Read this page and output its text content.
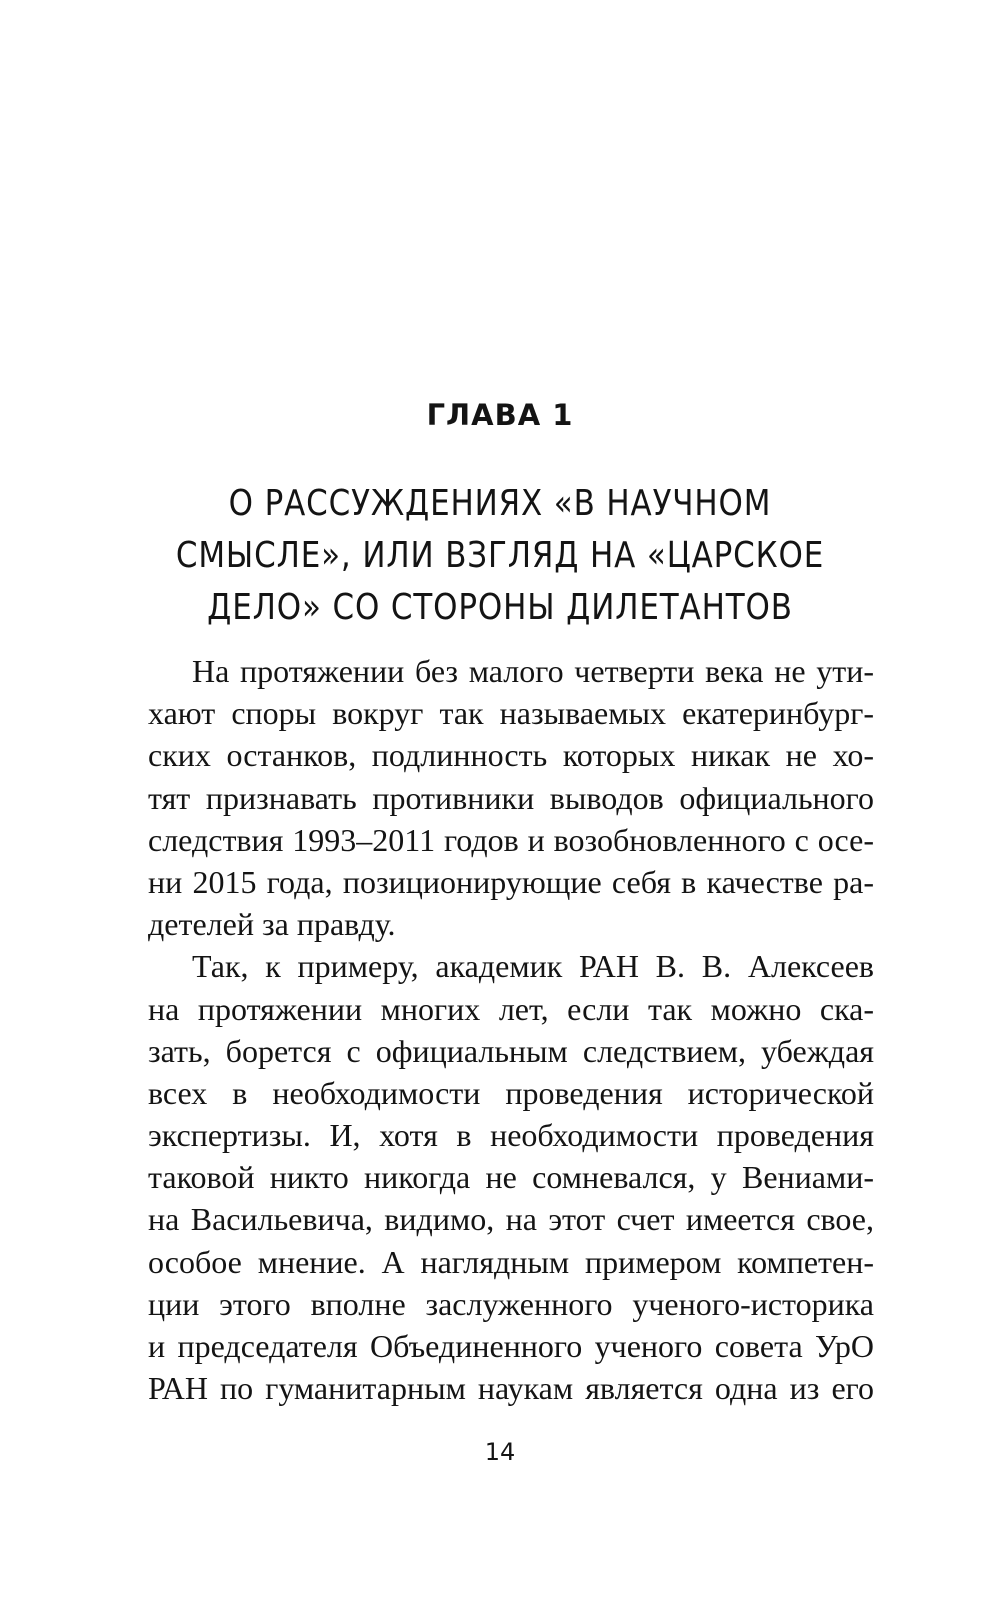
ГЛАВА 1
О РАССУЖДЕНИЯХ «В НАУЧНОМ
СМЫСЛЕ», ИЛИ ВЗГЛЯД НА «ЦАРСКОЕ
ДЕЛО» СО СТОРОНЫ ДИЛЕТАНТОВ
На протяжении без малого четверти века не ути-
хают споры вокруг так называемых екатеринбург-
ских останков, подлинность которых никак не хо-
тят признавать противники выводов официального
следствия 1993–2011 годов и возобновленного с осе-
ни 2015 года, позиционирующие себя в качестве ра-
детелей за правду.
Так, к примеру, академик РАН В. В. Алексеев
на протяжении многих лет, если так можно ска-
зать, борется с официальным следствием, убеждая
всех в необходимости проведения исторической
экспертизы. И, хотя в необходимости проведения
таковой никто никогда не сомневался, у Вениами-
на Васильевича, видимо, на этот счет имеется свое,
особое мнение. А наглядным примером компетен-
ции этого вполне заслуженного ученого-историка
и председателя Объединенного ученого совета УрО
РАН по гуманитарным наукам является одна из его
14
